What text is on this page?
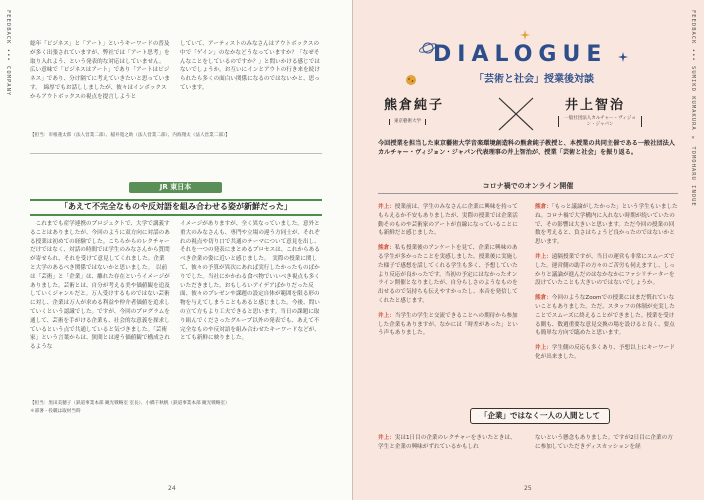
FEEDBACK ••• COMPANY	総年「ビジネス」と「アート」というキーワードの普及が多く出張されていますが、弊社では「アート思考」を取り入れよう、という発表的な対応はしていません。広い意味で「ビジネスはアート」であり「アートはビジネス」であり、分け隔てに考えていきたいと思っています。　綿厚でもお話ししましたが、彼々はインボックスからアウトボックスの視点を提言しようと
していて、アーティストのみなさんはアウトボックスの中で「ゲイン」のなかなどうなっていますか？「なぜそんなことをしているのですか？」と問いかける感じではないでしょうか。お互いにインとアウトの行き来を続けられたら多くの面白い関係になるのではないかと、思っています。
【担当：市根蓮太郎（法人営業二部）、稲井寛之助（法人営業二部）、内海翔太（法人営業二部）】
JR 東日本
「あえて不完全なものや反対語を組み合わせる姿が新鮮だった」
　これまでも産学連携のプロジェクトで、大学で講義することはありましたが、今回のように双方向に対話のある授業は初めての経験でした。こちらからのレクチャーだけではなく、対話の時間では学生のみなさんから質問が寄せられ、それを受けて意見してくれました。企業と大学のあるべき関係ではないかと思いました。　以前は「芸術」と「企業」は、離れた存在というイメージがありました。芸術とは、自分が考える美や価値観を追及していくジャンルだと。万人受けするものではない芸術に対し、企業は万人が求める利益や仲介者価値を追求していくという認識でした。ですが、今回のプログラムを通して、芸術を手がける企業も、社会的な意義を探求しているという点で共通していると気づきました。「芸術家」という言葉からは、狭間とは違う価値観で構成されるような
イメージがありますが、全く異なっていました。意外と重大のみなさんも、専門や立場の違う方同士が、それぞれの視点や切り口で共通のテーマについて意見を出し、それを一つの発表にまとめるプロセスは、これからあるべき企業の姿に近いと感じました。　実際の授業に関して、彼々の予算が異次にあれば実行したかったものばかりでした。当社にかかわる食べ物でいいべき視点も多くいただきました。おもしろいアイデアばかりだった反面、彼々のプレゼンや課題の設定自体が範囲を限る形の物を与えてしまうこともあると感じました。今後、問いの立て方もより工夫できると思います。当日の課題に取り組んでくださったグループ以外の発表でも、あえて不完全なものや反対語を組み合わせたキーワードなどが、とても新鮮に映りました。
【担当：黒田美穂子（鉄道事業本部 観光戦略室 室長）、小橋千秋帆（鉄道事業本部 観光戦略室）
＊部署・役職は取材当時
24
FEEDBACK ••• SUMIKO KUMAKURA × TOMOHARU INOUE
DIALOGUE
「芸術と社会」授業後対談
熊倉純子
東京藝術大学
井上智治
一般社団法人カルチャー・ヴィジョン・ジャパン
今回授業を担当した東京藝術大学音楽環境創造科の熊倉純子教授と、本授業の共同主催である一般社団法人カルチャー・ヴィジョン・ジャパン代表理事の井上智治が、授業「芸術と社会」を振り返る。
コロナ禍でのオンライン開催

井上：授業前は、学生のみなさんに企業に興味を持ってもらえるか不安もありましたが、実際の授業では企業活動そのものや芸術家のアートが直線になっていることにも新鮮だと感じました。

熊倉：私も授業後のアンケートを見て、企業に興味のある学生が多かったことを実感しました。授業後に実施した様子で感想を話してくれる学生も多く、予想していたより反応が良かったです。当初の予定にはなかったオンライン開催となりましたが、自分らしさのようなものを出せるので気持ちも伝えやすかったし、本音を発信してくれたと感じます。

井上：当学生の学生と交流できることへの期待から参加した企業もありますが、なかには「時差があった」という声もありました。

熊倉：「もっと議論がしたかった」という学生もいましたね。コロナ禍で大学構内に入れない時期が続いていたので、その影響は大きいと思います。ただ今回の授業の回数を考えると、負さはちょうど良かったのではないかと思います。

井上：遠隔授業ですが、当日の運営も非常にスムーズでした。運営側の助手の方々のご苦労も伺えますし、しっかりと議論が進んだのはなかなかにファシリテーターを設けていたことも大きいのではないでしょうか。

熊倉：今回のようなZoomでの授業にはまだ慣れていないこともありました。ただ、スタッフの体制が充実したことでスムーズに終えることができました。授業を受ける側も、数週重要な意見交換の場を設けると良く、要点も簡単な方向で臨めたと思います。

井上：学生側の反応も多くあり、予想以上にキーワード化が出来ました。

「企業」ではなく一人の人間として
井上：実は1日目の企業のレクチャーをきいたときは、学生と企業の興味がずれているかもしれ
ないという懸念もありました。ですが2日目に企業の方に参加していただきディスカッションを経
25
